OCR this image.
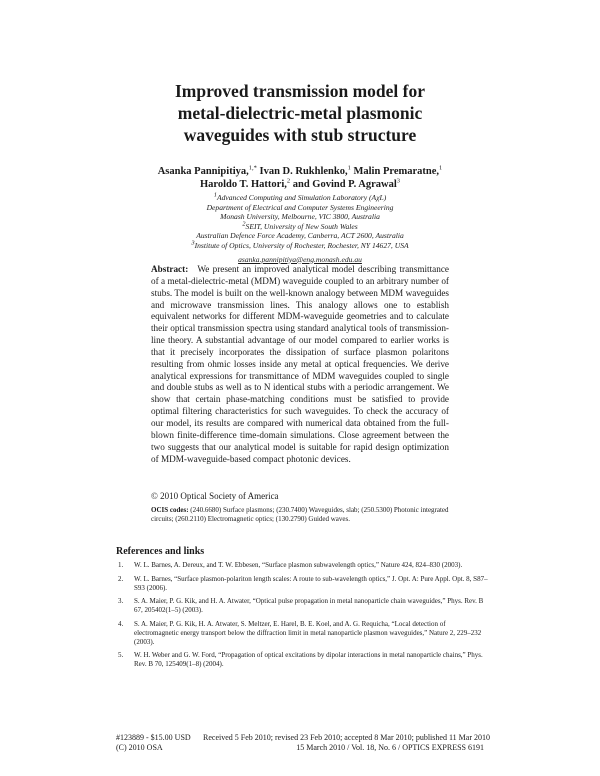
Improved transmission model for
metal-dielectric-metal plasmonic
waveguides with stub structure
Asanka Pannipitiya,$^{1,*}$ Ivan D. Rukhlenko,$^1$ Malin Premaratne,$^1$
Haroldo T. Hattori,$^2$ and Govind P. Agrawal$^3$
$^1$Advanced Computing and Simulation Laboratory (AχL)
Department of Electrical and Computer Systems Engineering
Monash University, Melbourne, VIC 3800, Australia
$^2$SEIT, University of New South Wales
Australian Defence Force Academy, Canberra, ACT 2600, Australia
$^3$Institute of Optics, University of Rochester, Rochester, NY 14627, USA
asanka.pannipitiya@eng.monash.edu.au
Abstract: We present an improved analytical model describing transmittance of a metal-dielectric-metal (MDM) waveguide coupled to an arbitrary number of stubs. The model is built on the well-known analogy between MDM waveguides and microwave transmission lines. This analogy allows one to establish equivalent networks for different MDM-waveguide geometries and to calculate their optical transmission spectra using standard analytical tools of transmission-line theory. A substantial advantage of our model compared to earlier works is that it precisely incorporates the dissipation of surface plasmon polaritons resulting from ohmic losses inside any metal at optical frequencies. We derive analytical expressions for transmittance of MDM waveguides coupled to single and double stubs as well as to N identical stubs with a periodic arrangement. We show that certain phase-matching conditions must be satisfied to provide optimal filtering characteristics for such waveguides. To check the accuracy of our model, its results are compared with numerical data obtained from the full-blown finite-difference time-domain simulations. Close agreement between the two suggests that our analytical model is suitable for rapid design optimization of MDM-waveguide-based compact photonic devices.
© 2010 Optical Society of America
OCIS codes: (240.6680) Surface plasmons; (230.7400) Waveguides, slab; (250.5300) Photonic integrated circuits; (260.2110) Electromagnetic optics; (130.2790) Guided waves.
References and links
1. W. L. Barnes, A. Dereux, and T. W. Ebbesen, “Surface plasmon subwavelength optics,” Nature 424, 824–830 (2003).
2. W. L. Barnes, “Surface plasmon-polariton length scales: A route to sub-wavelength optics,” J. Opt. A: Pure Appl. Opt. 8, S87–S93 (2006).
3. S. A. Maier, P. G. Kik, and H. A. Atwater, “Optical pulse propagation in metal nanoparticle chain waveguides,” Phys. Rev. B 67, 205402(1–5) (2003).
4. S. A. Maier, P. G. Kik, H. A. Atwater, S. Meltzer, E. Harel, B. E. Koel, and A. G. Requicha, “Local detection of electromagnetic energy transport below the diffraction limit in metal nanoparticle plasmon waveguides,” Nature 2, 229–232 (2003).
5. W. H. Weber and G. W. Ford, “Propagation of optical excitations by dipolar interactions in metal nanoparticle chains,” Phys. Rev. B 70, 125409(1–8) (2004).
#123889 - $15.00 USD Received 5 Feb 2010; revised 23 Feb 2010; accepted 8 Mar 2010; published 11 Mar 2010
(C) 2010 OSA	15 March 2010 / Vol. 18, No. 6 / OPTICS EXPRESS 6191
